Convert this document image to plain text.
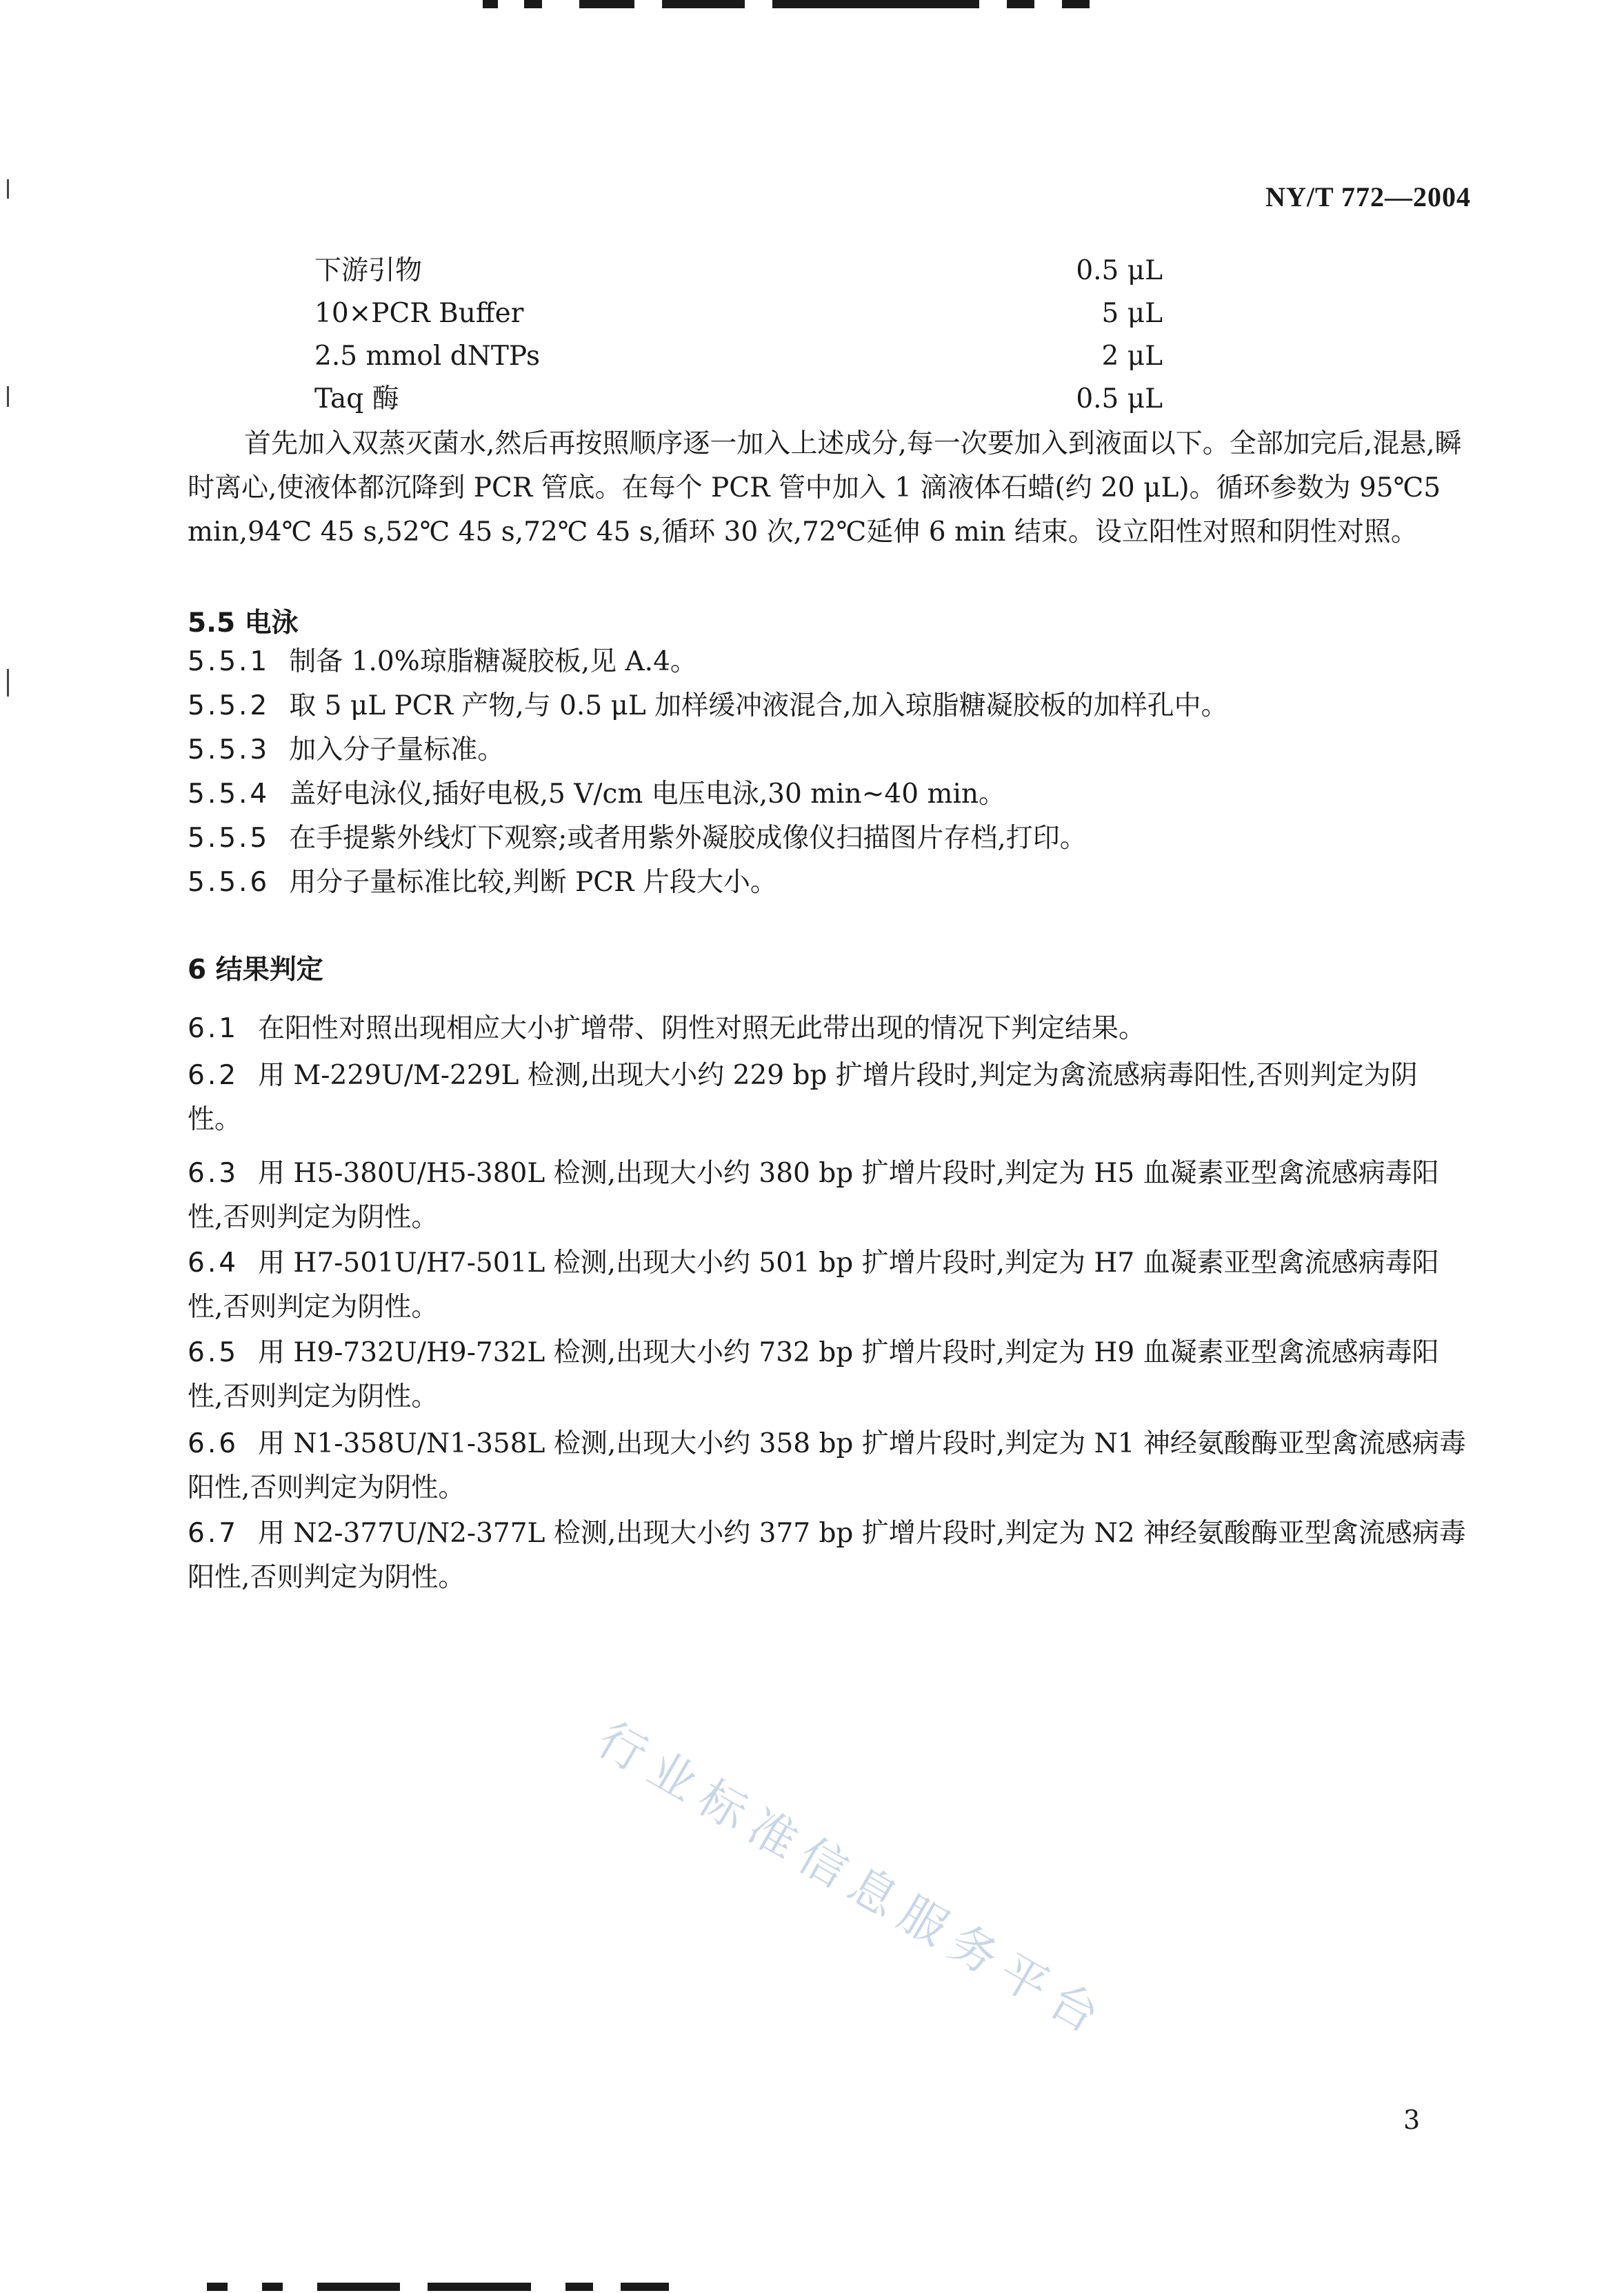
NY/T 772—2004
下游引物	0.5 μL
10×PCR Buffer	5 μL
2.5 mmol dNTPs	2 μL
Taq 酶	0.5 μL

首先加入双蒸灭菌水,然后再按照顺序逐一加入上述成分,每一次要加入到液面以下。全部加完后,混悬,瞬时离心,使液体都沉降到 PCR 管底。在每个 PCR 管中加入 1 滴液体石蜡(约 20 μL)。循环参数为 95℃5 min,94℃ 45 s,52℃ 45 s,72℃ 45 s,循环 30 次,72℃延伸 6 min 结束。设立阳性对照和阴性对照。

5.5 电泳
5.5.1 制备 1.0%琼脂糖凝胶板,见 A.4。
5.5.2 取 5 μL PCR 产物,与 0.5 μL 加样缓冲液混合,加入琼脂糖凝胶板的加样孔中。
5.5.3 加入分子量标准。
5.5.4 盖好电泳仪,插好电极,5 V/cm 电压电泳,30 min~40 min。
5.5.5 在手提紫外线灯下观察;或者用紫外凝胶成像仪扫描图片存档,打印。
5.5.6 用分子量标准比较,判断 PCR 片段大小。
6 结果判定
6.1 在阳性对照出现相应大小扩增带、阴性对照无此带出现的情况下判定结果。
6.2 用 M-229U/M-229L 检测,出现大小约 229 bp 扩增片段时,判定为禽流感病毒阳性,否则判定为阴性。
6.3 用 H5-380U/H5-380L 检测,出现大小约 380 bp 扩增片段时,判定为 H5 血凝素亚型禽流感病毒阳性,否则判定为阴性。
6.4 用 H7-501U/H7-501L 检测,出现大小约 501 bp 扩增片段时,判定为 H7 血凝素亚型禽流感病毒阳性,否则判定为阴性。
6.5 用 H9-732U/H9-732L 检测,出现大小约 732 bp 扩增片段时,判定为 H9 血凝素亚型禽流感病毒阳性,否则判定为阴性。
6.6 用 N1-358U/N1-358L 检测,出现大小约 358 bp 扩增片段时,判定为 N1 神经氨酸酶亚型禽流感病毒阳性,否则判定为阴性。
6.7 用 N2-377U/N2-377L 检测,出现大小约 377 bp 扩增片段时,判定为 N2 神经氨酸酶亚型禽流感病毒阳性,否则判定为阴性。
行业标准信息服务平台
3
